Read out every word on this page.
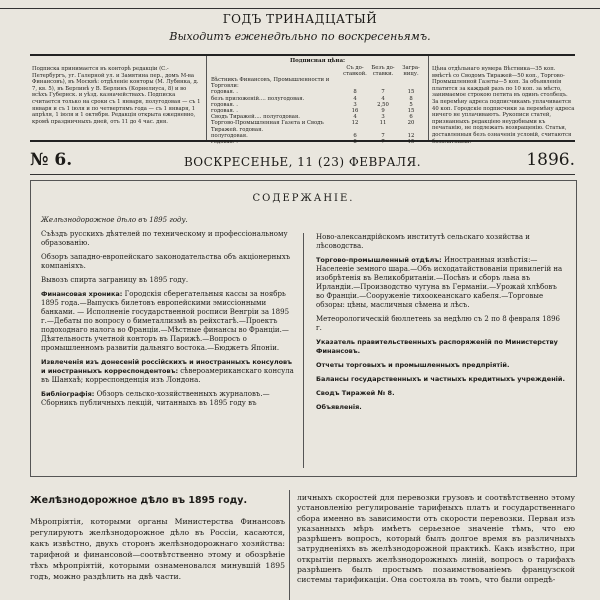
ГОДЪ ТРИНАДЦАТЫЙ
Выходитъ еженедѣльно по воскресеньямъ.
Подписка принимается въ конторѣ редакціи (С.-Петербургъ, уг. Галерной ул. и Замятина пер., домъ М-ва Финансовъ), въ Москвѣ: отдѣленіе конторы (М. Лубянка, д. 7, кв. 5), въ Берлинѣ у В. Берлинъ (Корнелиуса, 8) и во всѣхъ Губернск. и уѣзд. казначействахъ. Подписка считается только на сроки съ 1 января, полугодовая — съ 1 января и съ 1 іюля и по четвертямъ года — съ 1 января, 1 апрѣля, 1 іюля и 1 октября. Редакція открыта ежедневно, кромѣ праздничныхъ дней, отъ 11 до 4 час. дня.
Подписная цѣна:
	Съ до-ставкой.	Безъ до-ставки.	Загра-ницу.
Вѣстникъ Финансовъ, Промышленности и Торговли:			
годовая. .	8	7	15
безъ приложеній.... полугодовая.	4	4	8
годовая. .	3	2,50	5
годовая. .	16	9	15
Сводъ Тиражей.... полугодовая.	4	3	6
Торгово-Промышленная Газета и Сводъ Тиражей. годовая.	12	11	20
полугодовая.	6	7	12
годовая. .	8	7	15
Цѣна отдѣльнаго нумера Вѣстника—35 коп. вмѣстѣ со Сводомъ Тиражей—50 коп., Торгово-Промышленной Газеты—5 коп. За объявленія платится за каждый разъ по 10 коп. за мѣсто, занимаемое строкою петита въ одинъ столбецъ. За перемѣну адреса подписчикамъ уплачивается 40 коп. Городскіе подписчики за перемѣну адреса ничего не уплачиваютъ. Рукописи статей, признанныхъ редакціею неудобными къ печатанію, не подлежатъ возвращенію. Статьи, доставленныя безъ означенія условій, считаются безплатными.
№ 6.	ВОСКРЕСЕНЬЕ, 11 (23) ФЕВРАЛЯ.	1896.
СОДЕРЖАНІЕ.
Желѣзнодорожное дѣло въ 1895 году.
Съѣздъ русскихъ дѣятелей по техническому и профессіональному образованію.
Обзоръ западно-европейскаго законодательства объ акціонерныхъ компаніяхъ.
Вывозъ спирта заграницу въ 1895 году.
Финансовая хроника: Городскія сберегательныя кассы за ноябрь 1895 года.—Выпускъ билетовъ европейскими эмиссіонными банками. — Исполненіе государственной росписи Венгріи за 1895 г.—Дебаты по вопросу о биметаллизмѣ въ рейхстагѣ.—Проектъ подоходнаго налога во Франціи.—Мѣстные финансы во Франціи.—Дѣятельность учетной конторъ въ Парижѣ.—Вопросъ о промышленномъ развитіи дальняго востока.—Бюджетъ Японіи.
Извлеченія изъ донесеній россійскихъ и иностранныхъ консуловъ и иностранныхъ корреспондентовъ: сѣвероамериканскаго консула въ Шанхаѣ; корреспонденція изъ Лондона.
Библіографія: Обзоръ сельско-хозяйственныхъ журналовъ.—Сборникъ публичныхъ лекцій, читанныхъ въ 1895 году въ
Ново-александрійскомъ институтѣ сельскаго хозяйства и лѣсоводства.
Торгово-промышленный отдѣлъ: Иностранныя извѣстія:—Населеніе земного шара.—Объ исходатайствованіи привилегій на изобрѣтенія въ Великобританіи.—Посѣвъ и сборъ льна въ Ирландіи.—Производство чугуна въ Германіи.—Урожай хлѣбовъ во Франціи.—Сооруженіе тихоокеанскаго кабеля.—Торговые обзоры: цѣны, масличныя сѣмена и лѣсъ.
Метеорологическій бюллетень за недѣлю съ 2 по 8 февраля 1896 г.
Указатель правительственныхъ распоряженій по Министерству Финансовъ.
Отчеты торговыхъ и промышленныхъ предпріятій.
Балансы государственныхъ и частныхъ кредитныхъ учрежденій.
Сводъ Тиражей № 8.
Объявленія.
Желѣзнодорожное дѣло въ 1895 году.
Мѣропріятія, которыми органы Министерства Финансовъ регулируютъ желѣзнодорожное дѣло въ Россіи, касаются, какъ извѣстно, двухъ сторонъ желѣзнодорожнаго хозяйства: тарифной и финансовой—соотвѣтственно этому и обозрѣніе тѣхъ мѣропріятій, которыми ознаменовался минувшій 1895 годъ, можно раздѣлить на двѣ части.
личныхъ скоростей для перевозки грузовъ и соотвѣтственно этому установленію регулированіе тарифныхъ платъ и государственнаго сбора именно въ зависимости отъ скорости перевозки. Первая изъ указанныхъ мѣръ имѣетъ серьезное значеніе тѣмъ, что ею разрѣшенъ вопросъ, который былъ долгое время въ различныхъ затрудненіяхъ въ желѣзнодорожной практикѣ. Какъ извѣстно, при открытіи первыхъ желѣзнодорожныхъ линій, вопросъ о тарифахъ разрѣшенъ былъ простымъ позаимствованіемъ французской системы тарификаціи. Она состояла въ томъ, что были опредѣ-
